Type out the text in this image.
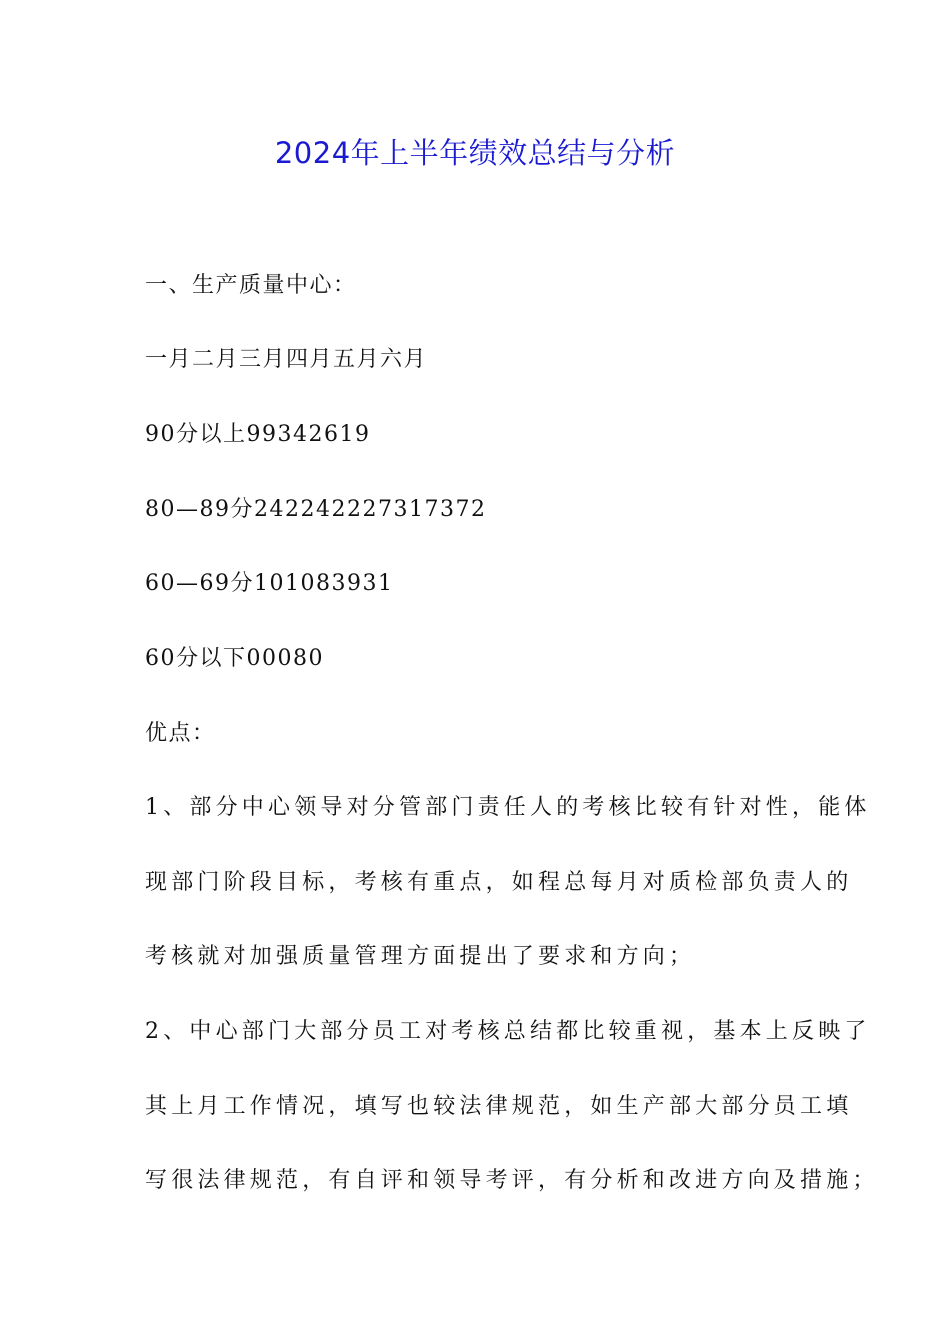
2024年上半年绩效总结与分析
一、生产质量中心：
一月二月三月四月五月六月
90分以上99342619
80—89分242242227317372
60—69分101083931
60分以下00080
优点：
1、部分中心领导对分管部门责任人的考核比较有针对性，能体
现部门阶段目标，考核有重点，如程总每月对质检部负责人的
考核就对加强质量管理方面提出了要求和方向；
2、中心部门大部分员工对考核总结都比较重视，基本上反映了
其上月工作情况，填写也较法律规范，如生产部大部分员工填
写很法律规范，有自评和领导考评，有分析和改进方向及措施；
